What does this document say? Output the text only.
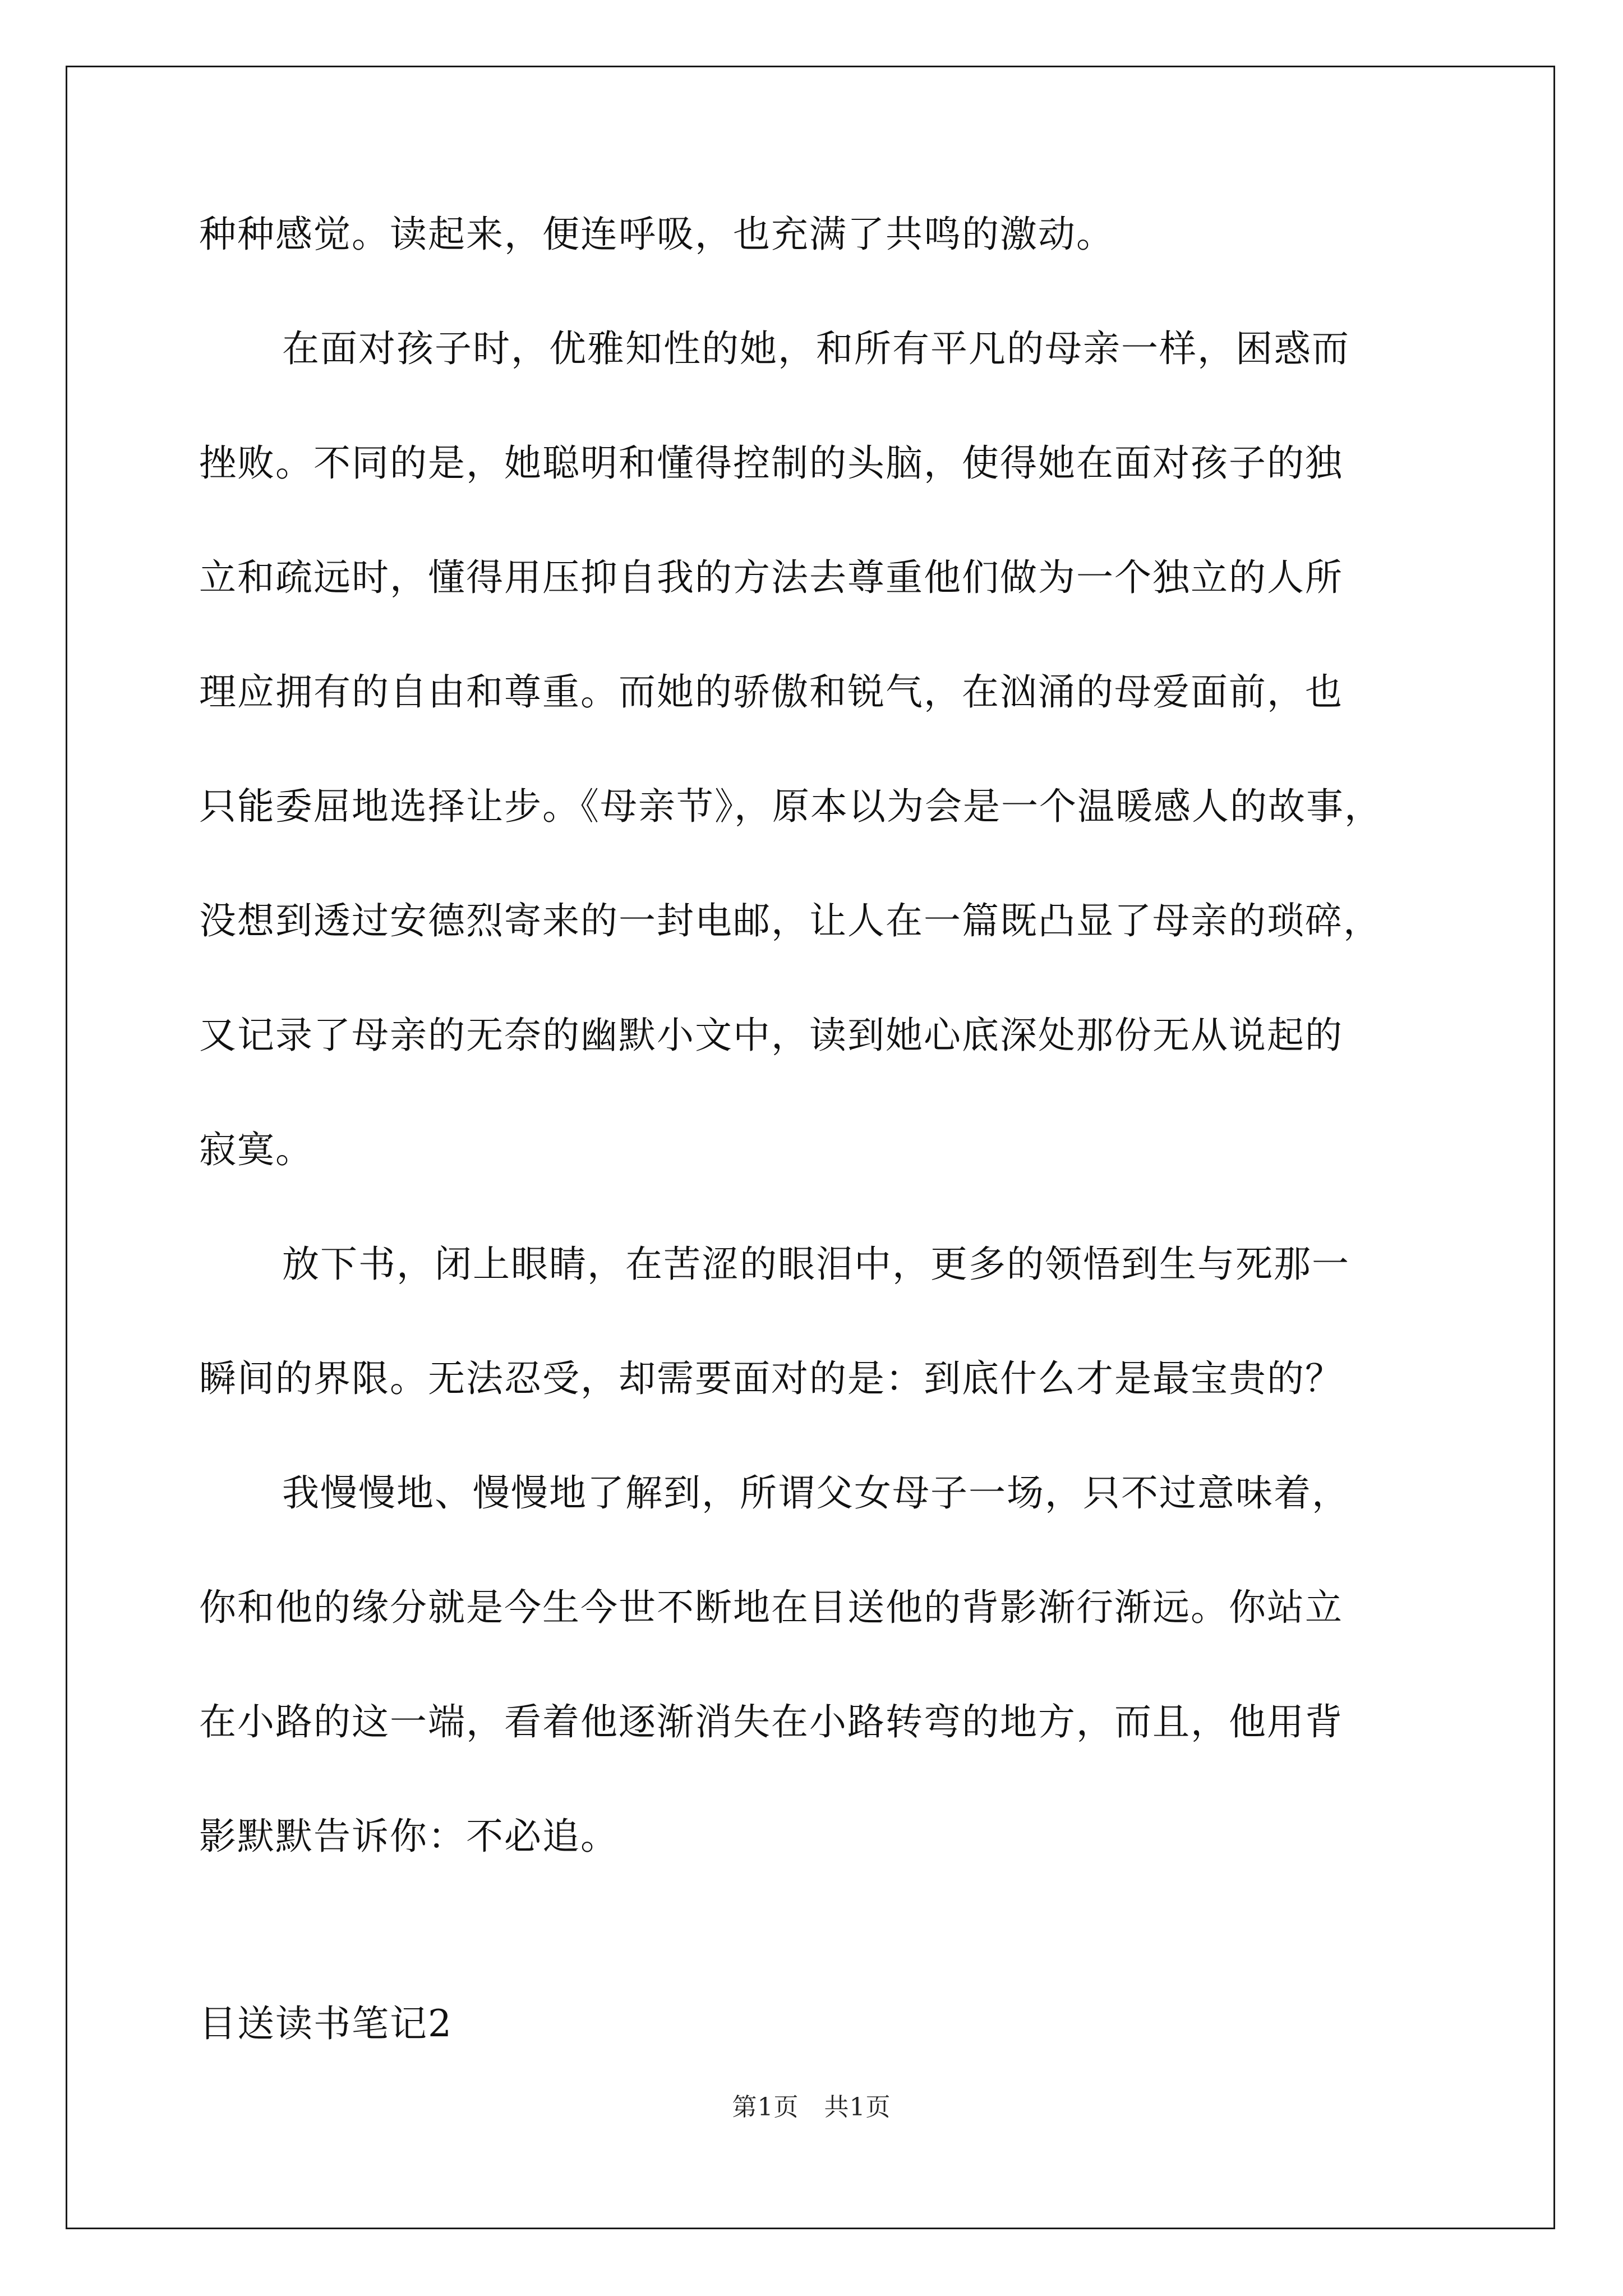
种种感觉。读起来，便连呼吸，也充满了共鸣的激动。
在面对孩子时，优雅知性的她，和所有平凡的母亲一样，困惑而
挫败。不同的是，她聪明和懂得控制的头脑，使得她在面对孩子的独
立和疏远时，懂得用压抑自我的方法去尊重他们做为一个独立的人所
理应拥有的自由和尊重。而她的骄傲和锐气，在汹涌的母爱面前，也
只能委屈地选择让步。《母亲节》，原本以为会是一个温暖感人的故事，
没想到透过安德烈寄来的一封电邮，让人在一篇既凸显了母亲的琐碎，
又记录了母亲的无奈的幽默小文中，读到她心底深处那份无从说起的
寂寞。
放下书，闭上眼睛，在苦涩的眼泪中，更多的领悟到生与死那一
瞬间的界限。无法忍受，却需要面对的是：到底什么才是最宝贵的？
我慢慢地、慢慢地了解到，所谓父女母子一场，只不过意味着，
你和他的缘分就是今生今世不断地在目送他的背影渐行渐远。你站立
在小路的这一端，看着他逐渐消失在小路转弯的地方，而且，他用背
影默默告诉你：不必追。
目送读书笔记2
第1页　共1页
